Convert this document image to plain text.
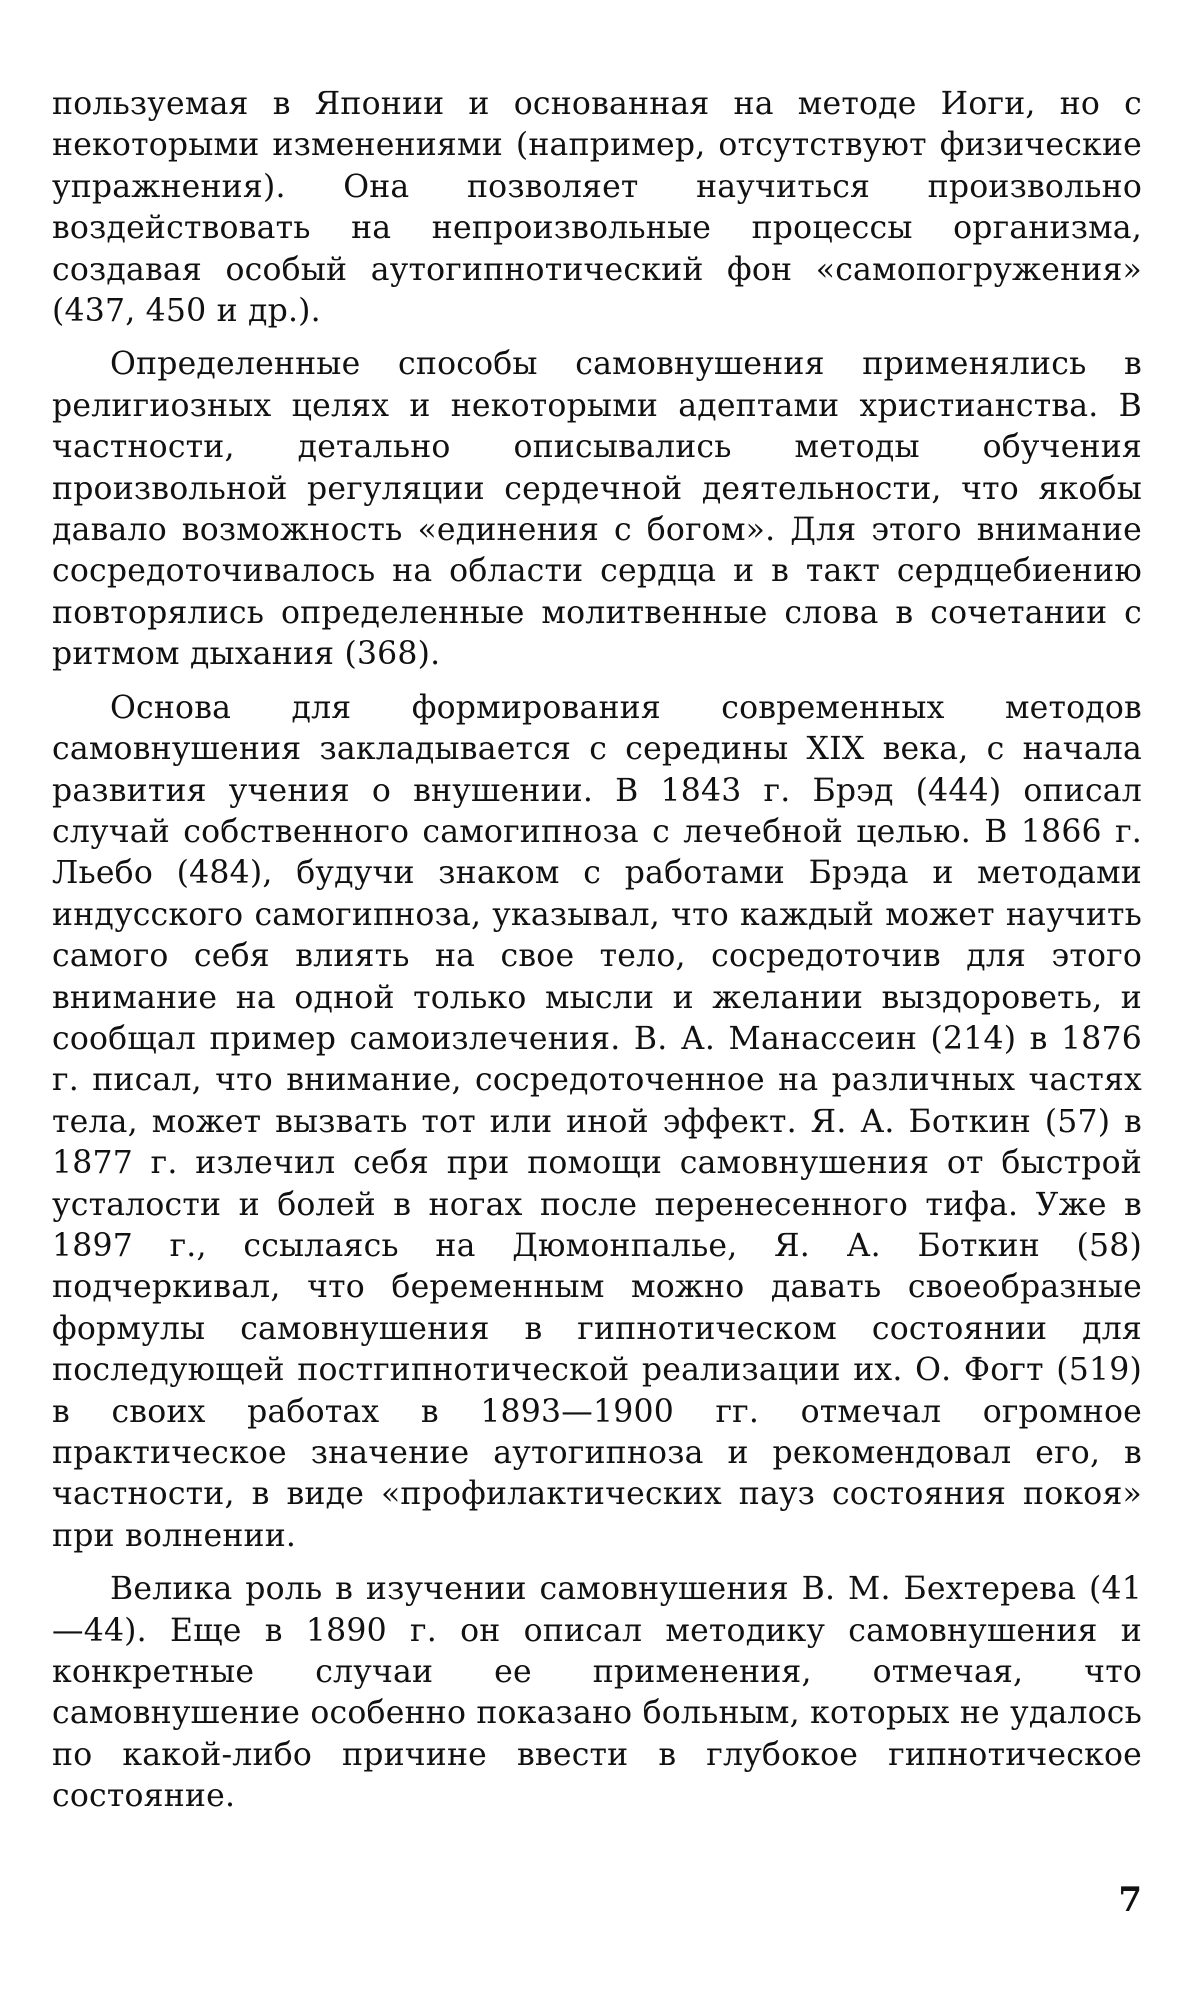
пользуемая в Японии и основанная на методе Иоги, но с некоторыми изменениями (например, отсутствуют физические упражнения). Она позволяет научиться произвольно воздействовать на непроизвольные процессы организма, создавая особый аутогипнотический фон «самопогружения» (437, 450 и др.).

Определенные способы самовнушения применялись в религиозных целях и некоторыми адептами христианства. В частности, детально описывались методы обучения произвольной регуляции сердечной деятельности, что якобы давало возможность «единения с богом». Для этого внимание сосредоточивалось на области сердца и в такт сердцебиению повторялись определенные молитвенные слова в сочетании с ритмом дыхания (368).

Основа для формирования современных методов самовнушения закладывается с середины XIX века, с начала развития учения о внушении. В 1843 г. Брэд (444) описал случай собственного самогипноза с лечебной целью. В 1866 г. Льебо (484), будучи знаком с работами Брэда и методами индусского самогипноза, указывал, что каждый может научить самого себя влиять на свое тело, сосредоточив для этого внимание на одной только мысли и желании выздороветь, и сообщал пример самоизлечения. В. А. Манассеин (214) в 1876 г. писал, что внимание, сосредоточенное на различных частях тела, может вызвать тот или иной эффект. Я. А. Боткин (57) в 1877 г. излечил себя при помощи самовнушения от быстрой усталости и болей в ногах после перенесенного тифа. Уже в 1897 г., ссылаясь на Дюмонпалье, Я. А. Боткин (58) подчеркивал, что беременным можно давать своеобразные формулы самовнушения в гипнотическом состоянии для последующей постгипнотической реализации их. О. Фогт (519) в своих работах в 1893—1900 гг. отмечал огромное практическое значение аутогипноза и рекомендовал его, в частности, в виде «профилактических пауз состояния покоя» при волнении.

Велика роль в изучении самовнушения В. М. Бехтерева (41—44). Еще в 1890 г. он описал методику самовнушения и конкретные случаи ее применения, отмечая, что самовнушение особенно показано больным, которых не удалось по какой-либо причине ввести в глубокое гипнотическое состояние.

7
